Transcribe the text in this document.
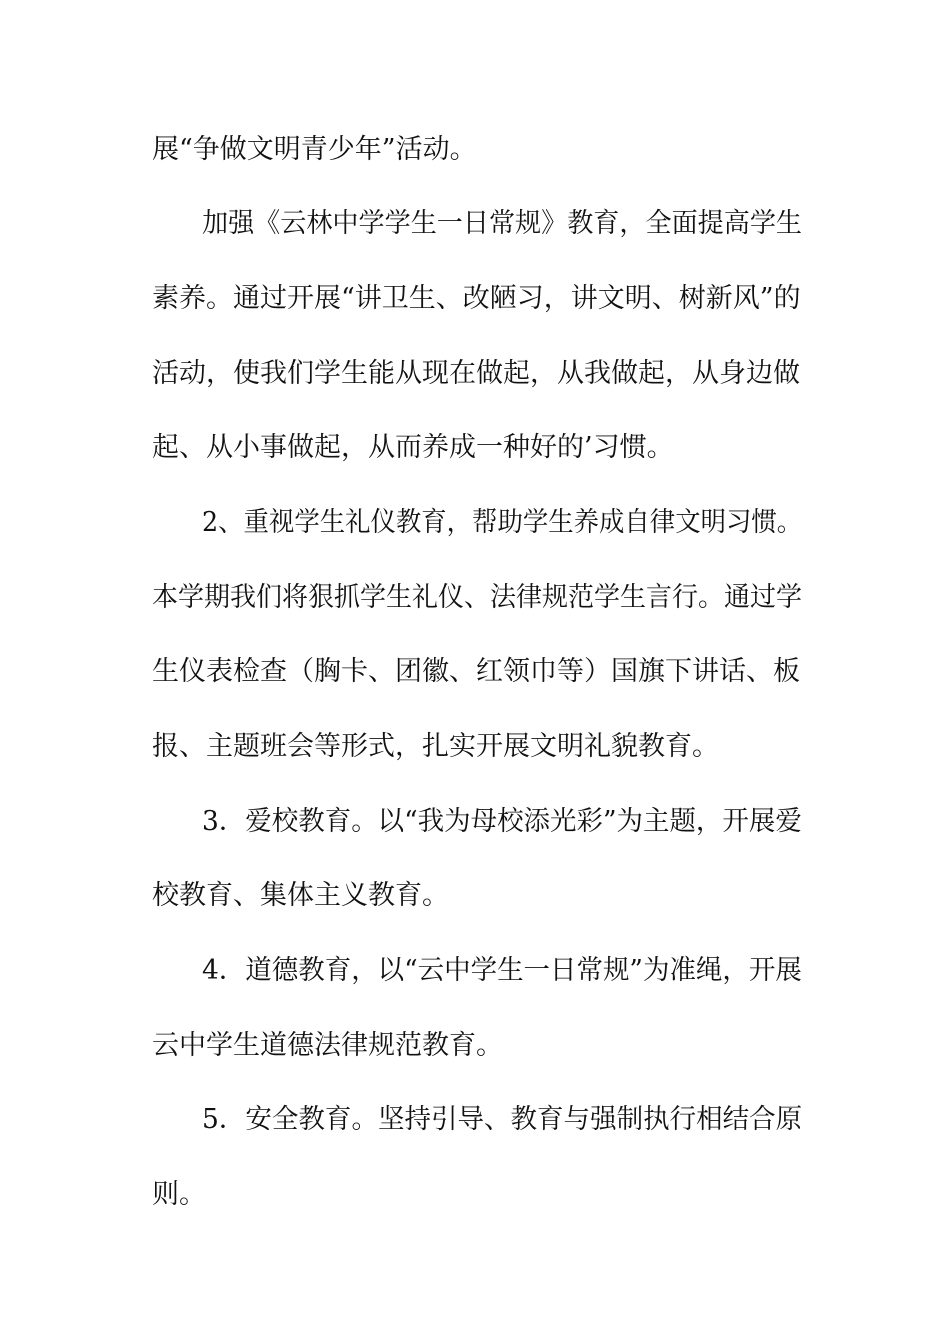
展“争做文明青少年”活动。

加强《云林中学学生一日常规》教育，全面提高学生

素养。通过开展“讲卫生、改陋习，讲文明、树新风”的

活动，使我们学生能从现在做起，从我做起，从身边做

起、从小事做起，从而养成一种好的’习惯。

2、重视学生礼仪教育，帮助学生养成自律文明习惯。

本学期我们将狠抓学生礼仪、法律规范学生言行。通过学

生仪表检查（胸卡、团徽、红领巾等）国旗下讲话、板

报、主题班会等形式，扎实开展文明礼貌教育。

3．爱校教育。以“我为母校添光彩”为主题，开展爱

校教育、集体主义教育。

4．道德教育，以“云中学生一日常规”为准绳，开展

云中学生道德法律规范教育。

5．安全教育。坚持引导、教育与强制执行相结合原

则。
